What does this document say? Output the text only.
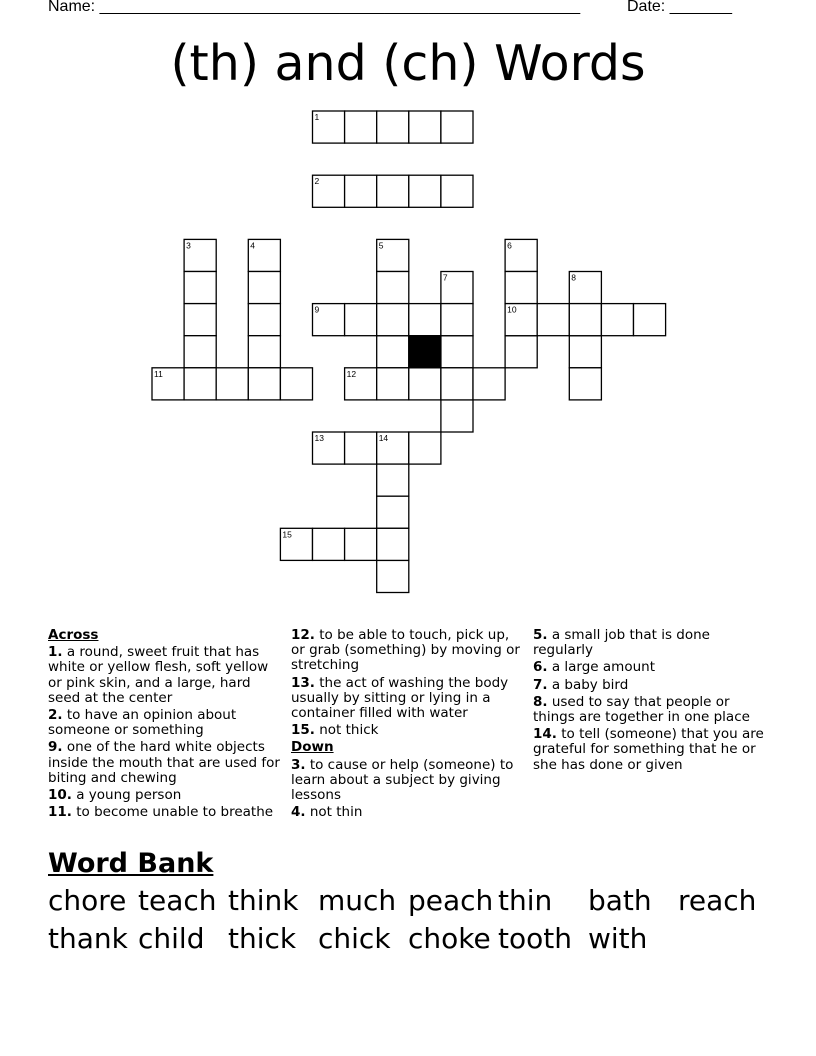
Name: ______________________________________________________	Date: _______
(th) and (ch) Words
1
2
3	4	5	6
7	8
9	10
11	12
13	14
15
Across
1. a round, sweet fruit that has white or yellow flesh, soft yellow or pink skin, and a large, hard seed at the center
2. to have an opinion about someone or something
9. one of the hard white objects inside the mouth that are used for biting and chewing
10. a young person
11. to become unable to breathe
12. to be able to touch, pick up, or grab (something) by moving or stretching
13. the act of washing the body usually by sitting or lying in a container filled with water
15. not thick
Down
3. to cause or help (someone) to learn about a subject by giving lessons
4. not thin
5. a small job that is done regularly
6. a large amount
7. a baby bird
8. used to say that people or things are together in one place
14. to tell (someone) that you are grateful for something that he or she has done or given
Word Bank
chore teach think much peach thin bath reach
thank child thick chick choke tooth with
